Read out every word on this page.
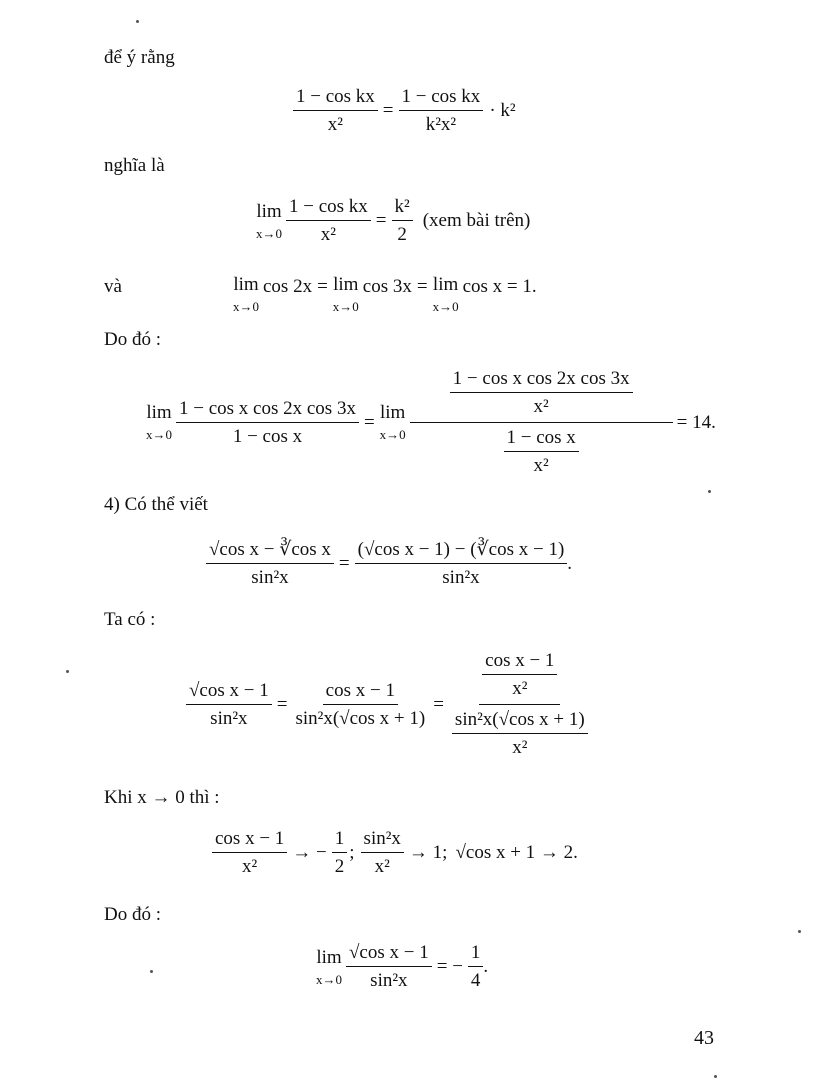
để ý rằng
$\frac{\text{1 − cos kx}}{\text{x²}} = \frac{\text{1 − cos kx}}{\text{k²x²}} \cdot k^2$
nghĩa là
lim
$x\to 0 \frac{\text{1 − cos kx}}{\text{x²}} = \frac{\text{k²}}{2} (xem$ bài trên)
và	lim
x→0
cos 2x = lim
x→0
cos 3x = lim
x→0
cos x = 1.
Do đó :
lim
$x\to 0 \frac{\text{1 − cos x cos 2x cos 3x}}{\text{1 − cos x}} = \lim$
$x\to 0 \frac{\frac{\text{1 − cos x cos 2x cos 3x}}{\text{x²}}}{\frac{\text{1 − cos x}}{\text{x²}}} = 14$.
4) Có thể viết
$\frac{\text{√cos x − ∛cos x}}{\text{sin²x}} = \frac{\text{(√cos x − 1) − (∛cos x − 1)}}{\text{sin²x}}$ .
Ta có :
$\frac{\text{√cos x − 1}}{\text{sin²x}} = \frac{\text{cos x − 1}}{\text{sin²x(√cos x + 1)}} = \frac{\frac{\text{cos x − 1}}{\text{x²}}}{\frac{\text{sin²x(√cos x + 1)}}{\text{x²}}}$
Khi x → 0 thì :
$\frac{\text{cos x − 1}}{\text{x²}}$ → − $\frac{1}{2}$ ; $\frac{\text{sin²x}}{\text{x²}} \to 1$; √cos x + 1 → 2.
Do đó :
lim
$x\to 0 \frac{\text{√cos x − 1}}{\text{sin²x}}$ = − $\frac{1}{4}$ .
43
